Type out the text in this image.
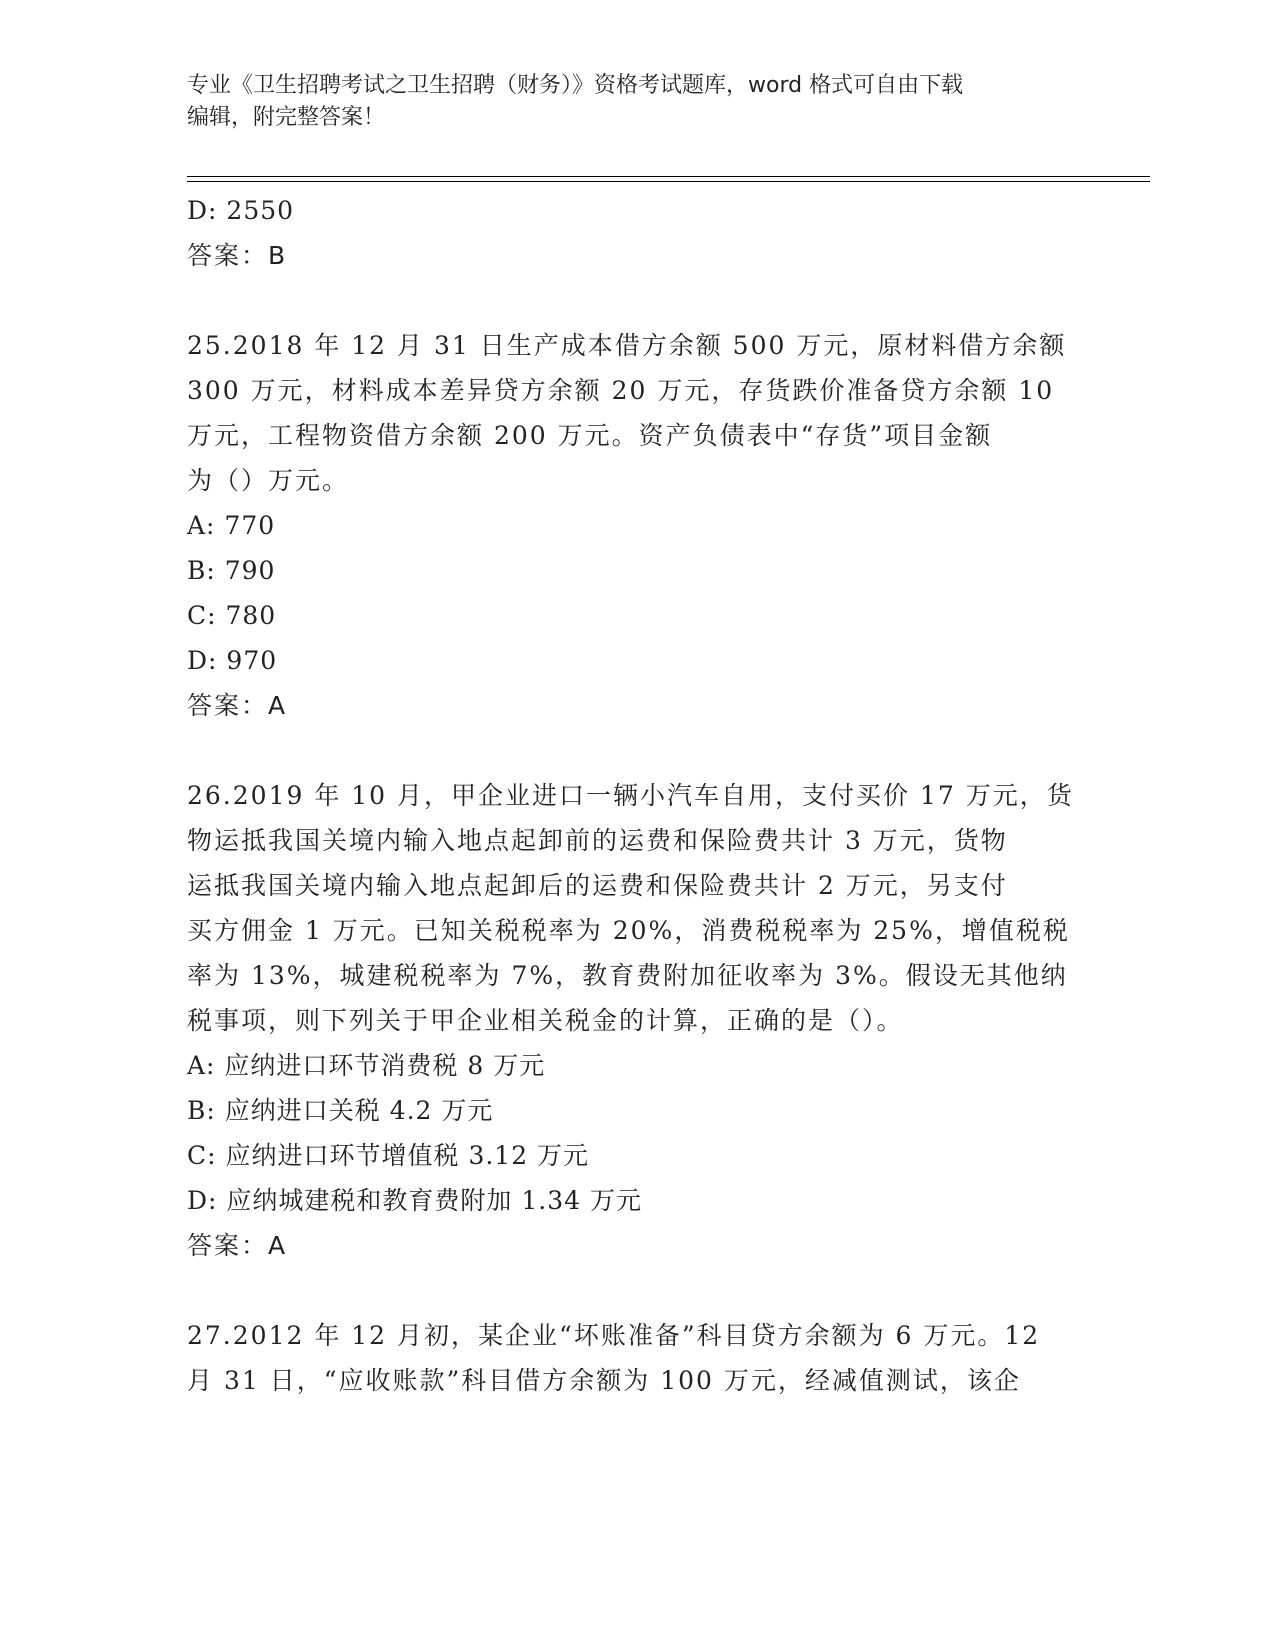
专业《卫生招聘考试之卫生招聘（财务）》资格考试题库，word 格式可自由下载
编辑，附完整答案！
D: 2550
答案：B
25.2018 年 12 月 31 日生产成本借方余额 500 万元，原材料借方余额
300 万元，材料成本差异贷方余额 20 万元，存货跌价准备贷方余额 10
万元，工程物资借方余额 200 万元。资产负债表中“存货”项目金额
为（）万元。
A: 770
B: 790
C: 780
D: 970
答案：A
26.2019 年 10 月，甲企业进口一辆小汽车自用，支付买价 17 万元，货
物运抵我国关境内输入地点起卸前的运费和保险费共计 3 万元，货物
运抵我国关境内输入地点起卸后的运费和保险费共计 2 万元，另支付
买方佣金 1 万元。已知关税税率为 20%，消费税税率为 25%，增值税税
率为 13%，城建税税率为 7%，教育费附加征收率为 3%。假设无其他纳
税事项，则下列关于甲企业相关税金的计算，正确的是（）。
A: 应纳进口环节消费税 8 万元
B: 应纳进口关税 4.2 万元
C: 应纳进口环节增值税 3.12 万元
D: 应纳城建税和教育费附加 1.34 万元
答案：A
27.2012 年 12 月初，某企业“坏账准备”科目贷方余额为 6 万元。12
月 31 日，“应收账款”科目借方余额为 100 万元，经减值测试，该企
